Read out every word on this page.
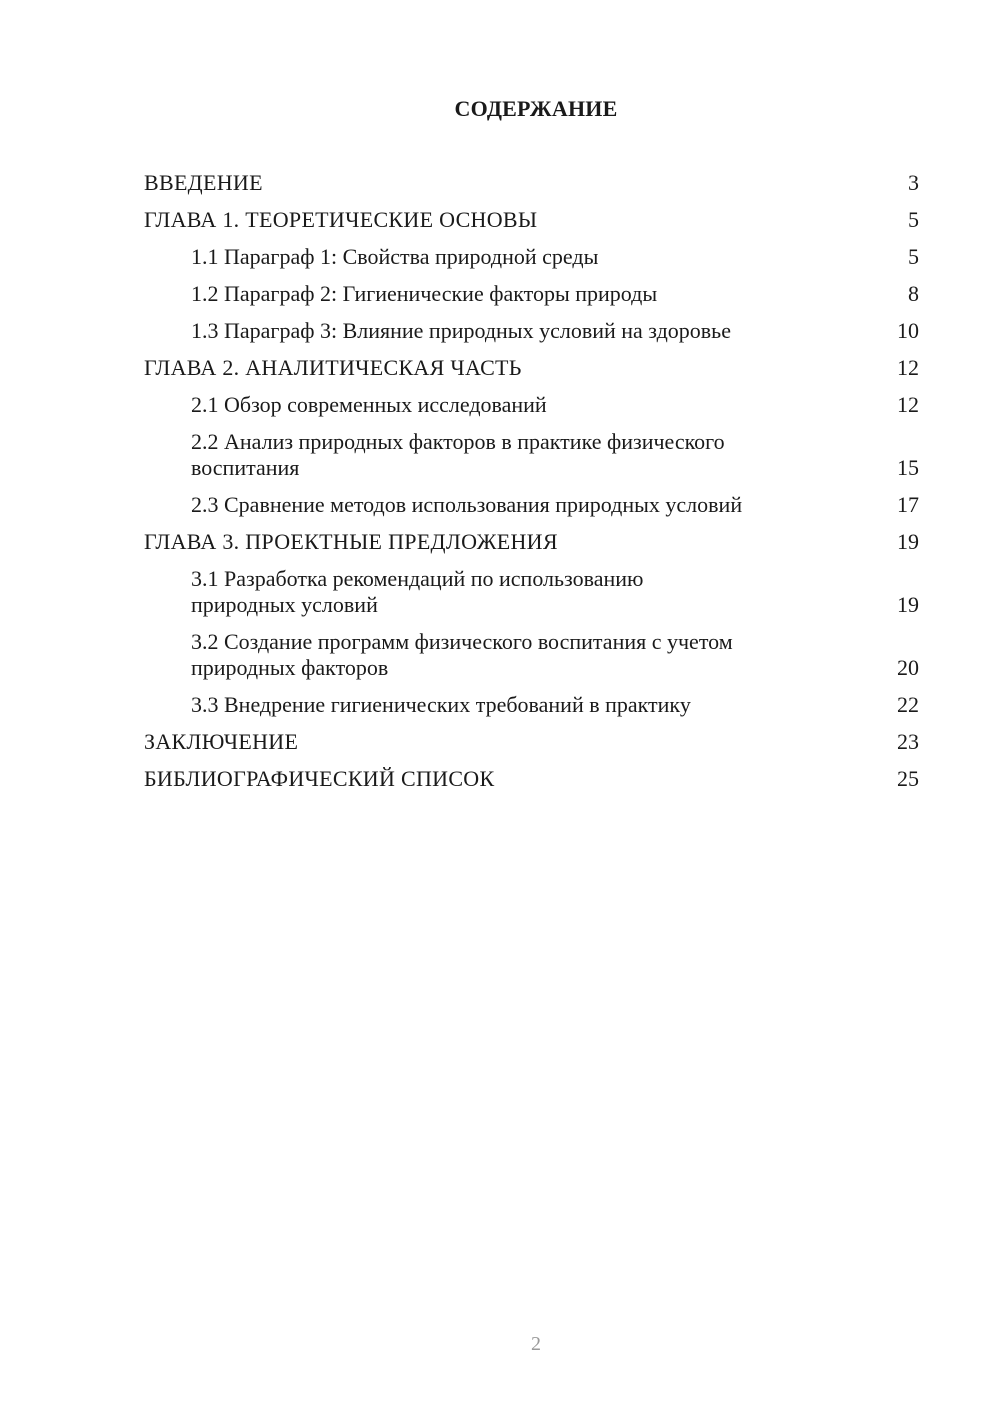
СОДЕРЖАНИЕ
ВВЕДЕНИЕ	3
ГЛАВА 1. ТЕОРЕТИЧЕСКИЕ ОСНОВЫ	5
1.1 Параграф 1: Свойства природной среды	5
1.2 Параграф 2: Гигиенические факторы природы	8
1.3 Параграф 3: Влияние природных условий на здоровье	10
ГЛАВА 2. АНАЛИТИЧЕСКАЯ ЧАСТЬ	12
2.1 Обзор современных исследований	12
2.2 Анализ природных факторов в практике физического воспитания	15
2.3 Сравнение методов использования природных условий	17
ГЛАВА 3. ПРОЕКТНЫЕ ПРЕДЛОЖЕНИЯ	19
3.1 Разработка рекомендаций по использованию природных условий	19
3.2 Создание программ физического воспитания с учетом природных факторов	20
3.3 Внедрение гигиенических требований в практику	22
ЗАКЛЮЧЕНИЕ	23
БИБЛИОГРАФИЧЕСКИЙ СПИСОК	25
2
